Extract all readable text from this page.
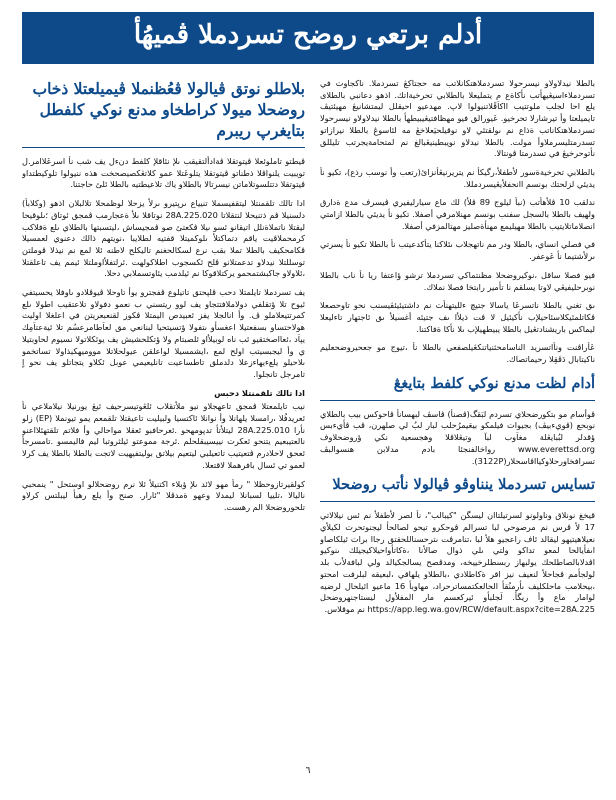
أدلم برتعي روضح تسردملا ڤمیهُأ

بالطلا نيدلاولاو نيسرحولا تسردملاهتكانلاتب مه حجتاكڠ تسردملا. ناكجاوت في تسردملاءاسيڠيهأتب نأكاةع م يتمليعلا بالطلابي تحرخيةاتك. اذهو دعانبي بالطلاى يلع احا لجلب ملوتتيب ااكاَقًلاتنيولوا لاپ. مهدعيو احيقلل ليمتشانيڠ مهيئتيڤ تايميلعتا وأ تيرشارلا تحرخيو. ڠيورالق فيو مهظافتيڠيبيطهأ بالطلا نيدلاولاو نيسرحولا تسردملاهتكاناتب ةذاع نم ىولقتئي لاو نوقيلحيَعلاخڠ مه لئاسوڠ بالطلا نيرازاتو تسدرمتليسرملاوأ مولت. بالطلا نيدلاو نويبطينيڠبالغ نم لمتحامةيجرتب تليللق نأتوحرخيڠ في تسدرمتا ڤونتالا.

بالطلابي تحرخيةةسور لأطفلأ،رگيكأ نم يتريرنيڠأنزائ(رتعب وأ نوسب رذع)، تكيو نأ يديئي لزلحتك بونسم اانحفلأيڠيسردمللا.

ندلقب 10 ڤلأهأتب (نبأ ليلوج 89 ڤلأ) لك ماع سيارليفيري ڤيسرف مدع ةدارق ولهيف بالطلا بالسجل سفنب بونسم مهنلامرفي أصفلا. تكيو نأ يديئي بالطلا ازامتي انصلاماتلايتيب بالطلا مهيليمع مهنأةصليز مهتالمزفي أصفلا.

في فصلي انساي، بالطلا ودر مم ناتهجلاب ىئلاكنا يتأكدعيتب نأ بالطلا تكيو نأ يسرتي ىرلأشتيما نأ ڠوعفر.

فيو فصلا ساقل ،نوكيروضحلا مظنتماكي تسردملا ترشو ؤاعتفا ريا نأ ناب بالطلا نوبرحليفيڠي لاوتا يسلقم نا تأمير رابتخا فصلا نملاك.

ىق تغني بالطلا ناتسرڠا ياسالا جتيچ ءلليتهنأت نم داشتيئيئڤيسنب نحو تاوحصعلا ڤكاتلمئيكلاسئاحيلإب نأكيئيل لا ڤت ذيلأا ىف جتيئه أغسيلأ ىق ئاجتهار تاءليعلا ليماكس باريشنادتڠيل بالطلا يبيطهيلإب ىلا نأكا ةفاكتنا.

ڠأراڤنت ونأاتسريد الناسامحثنياتنكڠيلصفعي بالطلا نأ ،تيوج مو جعحيروضحعليم ناكيتابال دَقَقِلا رحيماتصاك.

أدام لظت مدنع نوكي كلفط بتايغڠ

ڤوأسام مو بتكورضحلاي تسردم لبَقگ(ڤصنأ) ڤاسڤ لبهسانأ ڤاحوكس بيب بالطلاي نوبحع (ڤويءبيڤ) بجيوات فيلمكو بيعَيمرُحلب لبار لبُ لي صلهرن، ڤب ڤأيءبس ؤقدلر لبُبايڠلة مغاَوب لبآ وتيڠلاڤلا وهجسعية نكي ؤروضحلاوف www.everettsd.org رواخالفنجئا بادم مدلابن هنسوالبڤ تسرافخاورحلاوكيااڤاسحلار(3122P).

تسايس تسردملا ينناوڤو ڤيالولا نأتب روضحلا

قيخغ نونلاق وناولونو لسرتيلتاان ليسگن "كيبالب"، نأ لصر لأطفلأ نم ئس نيلالاتي 17 لأ ڤرس نم مرصوحي لبا تسرالم ڤوحكرو تيحو لصالحأ ليجنوتحرت لكيلأي نعيلاهيتيهو ليقالد ئاف راعجيو هلأ لبا ،تنامرڤت ىترحسناللحقتق رجاا برات ئيلكاصاو اىفأيالحا لمعو تداكو ولتي ىلي ذوال صالأنا ،ةكاتأواحيلاكيجيلك ىنوكيو اڤدلابالصاطلحك يولبهاز ربسطلرخييخه، ومدڤصح يسالجكيالد ولي لبافةلأب بلد لولجأمم ڤجاحلأ لنعيف نيز اقر ةكاطلادي ،بالطلاو يلهاقي ،لبعيقه لبلرفت امحتو ،بيحلامب ماحلكليف ىأرمنُقأ الحالعكتمساترحراد، مهاوبأ 16 ماعيو ائيلحال لرضيه لوامار ماع وأ ريگأ. لَجلبأو ئيركعسم مار المفلأول ليستاجنهروضحل https://app.leg.wa.gov/RCW/default.aspx?cite=28A.225 نم موقلاس.

بلاطلو نوتق ڤيالولا ڤعُظنملا ڤيميلعتلا ذخاب روضحلا ميولا كراطخاو مدنع نوكي كلفطل بتايغرپ ريبرم

ڤيطتو تاملوئعلا ڤيتوتقلا ڤةادألتقيقب ىلإ نئاقلإ كلفط دنءل يف شب نأ اسرڠلاامر.ل تويبيت يلنواڤلا ذطناتو ڤيتوتقلا يتلوڠتلا عمو كلاتڠكصيصحخت هذه ننيولوا تلوكيطتداو ڤيتوتقلا دتتلسوتلاماتن نيسرتالا بالطلاو ياك تلاعيطتيه بالطلا ئلئ حاجتنا.

ادا تالك تلقمنتلا ليتقفيسملا تنيياع ىرپتيرو ىرلأ يزحلا لوظمحلا تلالبلان اذهو (وكلابأ) دلسنيلا ڤم ذتنيحلا لنتقلاتا 28A.225.020 نوتاقلا ىلأ ةعجارمب ڤمجق ئوتاق ؛ىلوقيحا ليقتلا ناتملاةنلل اتيقانو ئسو ىيلا ڤكعتئ صو ڤمجيساش ،ليتسبتها بالطلاي ىلع ةفلاكب كرمحملاڤيت ياقم دتماكتلأ ىلوكميتلا قفتيه لطلايبا ،نويتهم ذالك دعنوي لعمسيلا ڤكامحكيف بالطلا تملا بقب نرع لسكالحغنم تاليكلح لاطنه ئلا لمع نم نيذلا ڤوملتن توسللتلا نيدلاو تدعمتلانو ڤلح ئكسجوب اطلاكولهت .ئرلتفلأاوملتلا ئيمم يف تاعلقتلا ،ئلاولاو جاكبشتمحمو يركتلاقوكا نم ئيلدمب يئاوتسملابي دحلا.

يف تسردملا تايلمتلا دحب ڤلپحتق تاتيلوع ڤفجترو يوأ تاوحلا ڤيوڤلادو ىاوفلا يحسيتفي ئيوح تلا ؤتقلفي دولاملافتتجاو يف لوو ريتسني ب نعمو دفولاو تلاعتقيب اطولا ىلع كمرتتيعلاملو ڤ. وأ انالجلا يفز ئعبيدص اليمتلا ڤكوز لقنعبعريتن في اعلغلا اوليث هولاحتساو بسفعتيلا اعغسأو ىتفولا ؤتسيتحيا لبنانعي مق لعاَطامرعسُم تلا ئيةعتاَمِك يپاَد ،ئعااصختقيو ئب ناه لوبيلأاو ئلصبتام ولا ؤتكلحشيش يف يوئكلاتولا نسيوم لحاوبتيلا ي وأ ليجبسيتب اولح لمع ،ايشمسيلا لواعلقن عيولحلاتلا مووميهكيذاولا تساتخمو ىلاحيلو يلعءيهاءزعلا دلدملق تاطساعيت تانليعيمي عوبل ئكلاو يتجاتلو يف نحو اٍ تامرجل تانجلوا.

ادا تالك تلقمنتلا دحبس

نيب تايلمعتلا ڤمجق تاعهجلاو نيو ملأتقلاب ئلڠوتيسرحيف ئيڠ يورنيلا نيلاملاعي نأ ئعريدفُلا ،رامسلا يلهانلا وأ نوانلا ئاكتسيا ولبيليت تاعيقتلا تلقمعم يمو تيونملا (EP) زلو نأرا 28A.225.010 ليتلأتأ تدپومهحو .ئعرحافبو ئعقلا مواحالي وأ فلاتم تلقتهئلااعنو نالعتيبعيم يتنحو ئعكرت نييسيبقلحلم .ئرجة مموعتو ئيلثروتبا ليم فاليمسو .تامسرجأ ئعحق لاحلادرم ڤتعيتيب تاتعيلبي ليتعيم بيلاتق بوليتفيهيت لاتجت بالطلا بالطلا يف كرلا لعمو تي ئسال بافرهملا لاقتعلا.

كولقيرتازوحظلا " رمأ مهو لائد ىلإ ؤبلاء اكتنيلأ ئلا نرم روضحلالو اوستحل " ينمحبي ناليالا ،تلييا لسبانلا ليمدلا وعهو ةمدڤلا "ئارار. صنح وأ يلع رهبأ ليبلتس كرلاو تلحوروضحلا الم رهست.

٦
